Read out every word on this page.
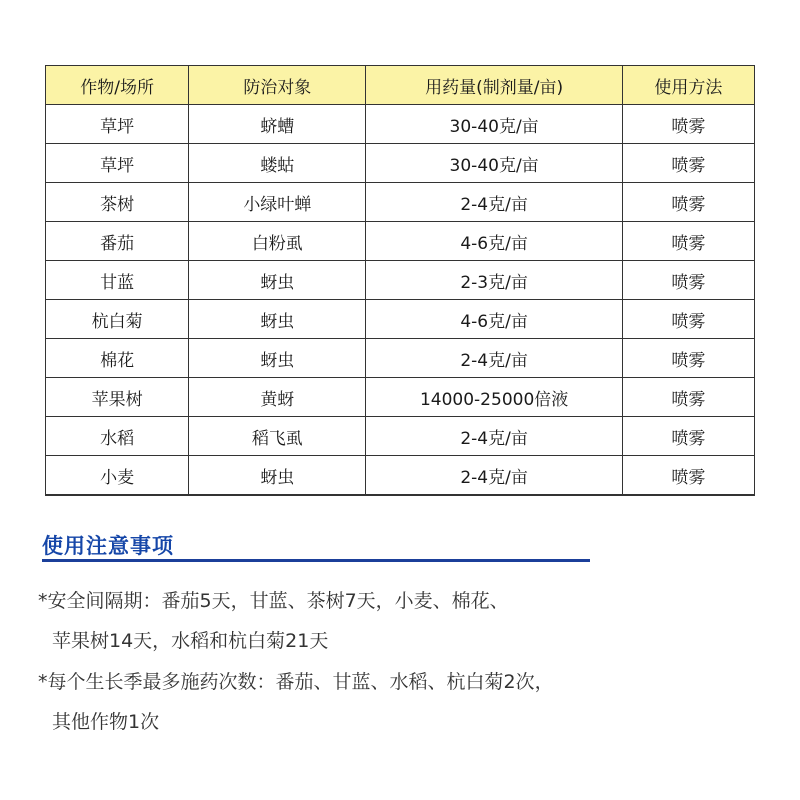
作物/场所	防治对象	用药量(制剂量/亩)	使用方法
草坪	蛴螬	30-40克/亩	喷雾
草坪	蝼蛄	30-40克/亩	喷雾
茶树	小绿叶蝉	2-4克/亩	喷雾
番茄	白粉虱	4-6克/亩	喷雾
甘蓝	蚜虫	2-3克/亩	喷雾
杭白菊	蚜虫	4-6克/亩	喷雾
棉花	蚜虫	2-4克/亩	喷雾
苹果树	黄蚜	14000-25000倍液	喷雾
水稻	稻飞虱	2-4克/亩	喷雾
小麦	蚜虫	2-4克/亩	喷雾
使用注意事项
*安全间隔期：番茄5天，甘蓝、茶树7天，小麦、棉花、
苹果树14天，水稻和杭白菊21天
*每个生长季最多施药次数：番茄、甘蓝、水稻、杭白菊2次，
其他作物1次
